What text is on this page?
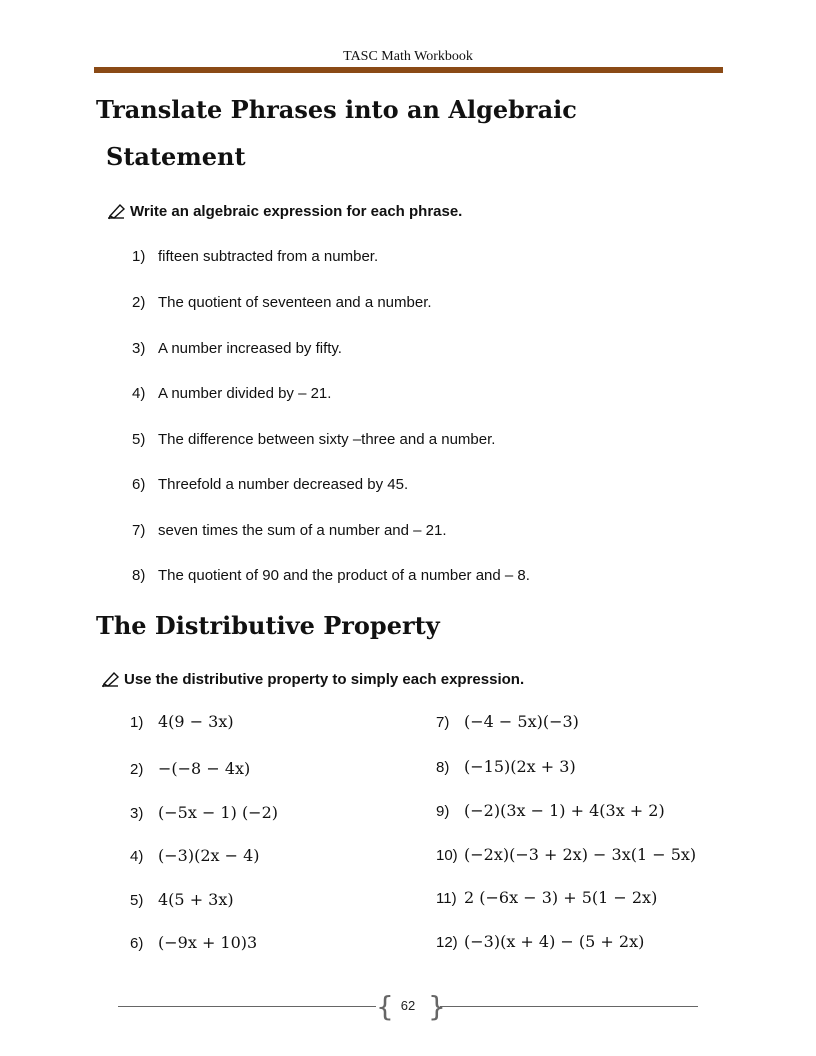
TASC Math Workbook
Translate Phrases into an Algebraic
Statement
Write an algebraic expression for each phrase.
1) fifteen subtracted from a number.
2) The quotient of seventeen and a number.
3) A number increased by fifty.
4) A number divided by – 21.
5) The difference between sixty –three and a number.
6) Threefold a number decreased by 45.
7) seven times the sum of a number and – 21.
8) The quotient of 90 and the product of a number and – 8.
The Distributive Property
Use the distributive property to simply each expression.
1) 4(9 − 3x)
2) −(−8 − 4x)
3) (−5x − 1) (−2)
4) (−3)(2x − 4)
5) 4(5 + 3x)
6) (−9x + 10)3
7) (−4 − 5x)(−3)
8) (−15)(2x + 3)
9) (−2)(3x − 1) + 4(3x + 2)
10) (−2x)(−3 + 2x) − 3x(1 − 5x)
11) 2 (−6x − 3) + 5(1 − 2x)
12) (−3)(x + 4) − (5 + 2x)
{ }
62
